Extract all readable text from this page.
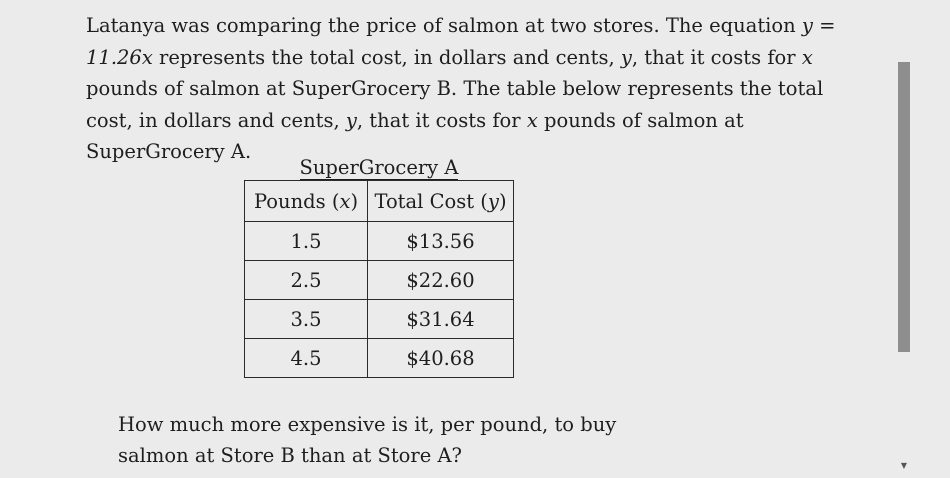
Latanya was comparing the price of salmon at two stores. The equation y = 11.26x represents the total cost, in dollars and cents, y, that it costs for x pounds of salmon at SuperGrocery B. The table below represents the total cost, in dollars and cents, y, that it costs for x pounds of salmon at SuperGrocery A.

SuperGrocery A

Pounds (x)	Total Cost (y)
1.5	$13.56
2.5	$22.60
3.5	$31.64
4.5	$40.68

How much more expensive is it, per pound, to buy salmon at Store B than at Store A?	▼
